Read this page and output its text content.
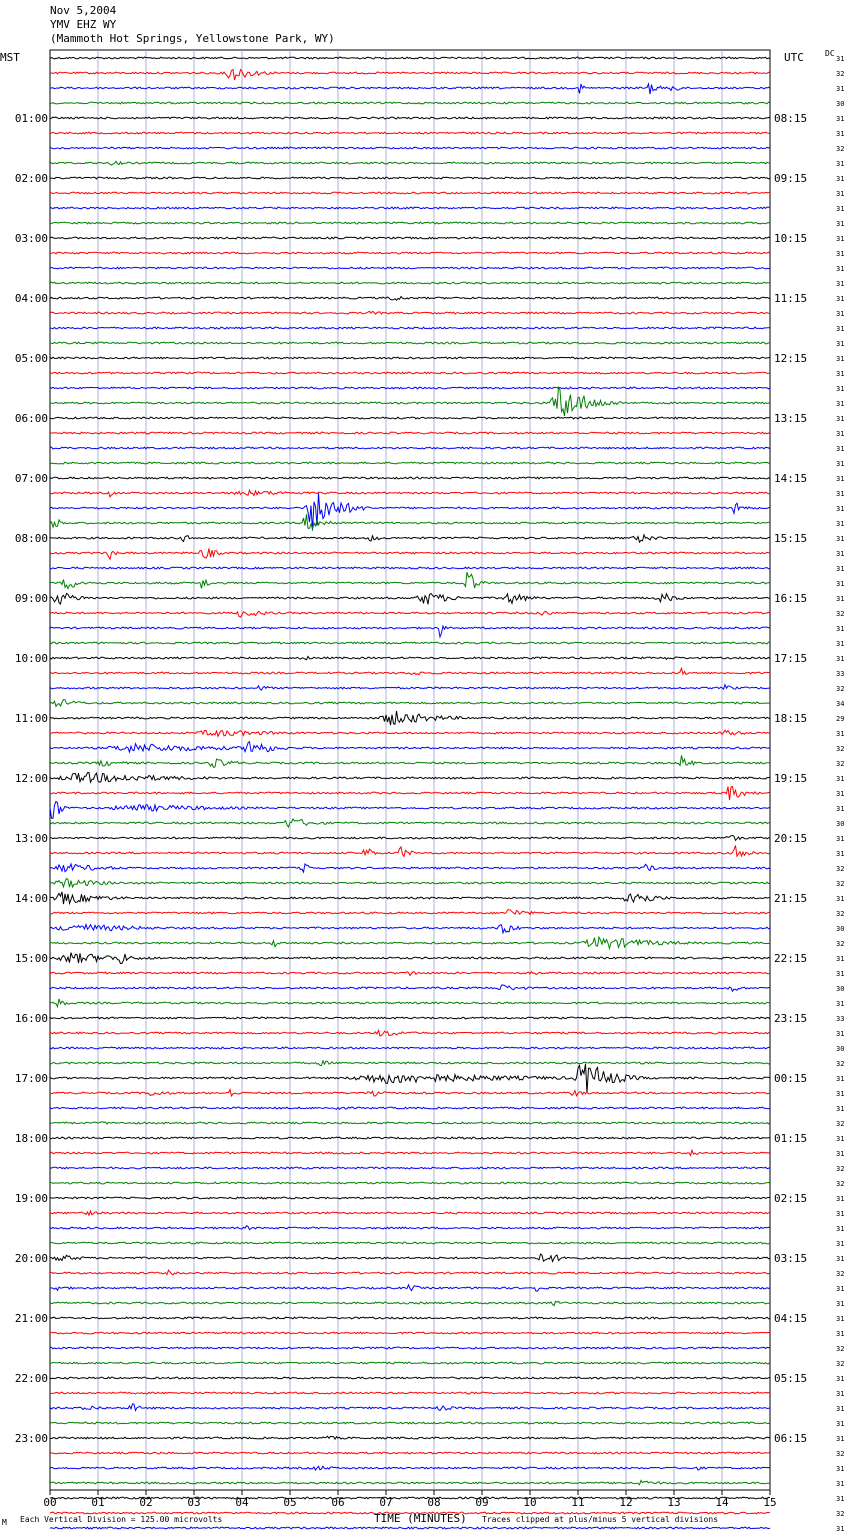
Nov 5,2004
YMV EHZ WY
(Mammoth Hot Springs, Yellowstone Park, WY)
MST	UTC	DC
00	01	02	03	04	05	06	07	08	09	10	11	12	13	14	15
01:00
02:00
03:00
04:00
05:00
06:00
07:00
08:00
09:00
10:00
11:00
12:00
13:00
14:00
15:00
16:00
17:00
18:00
19:00
20:00
21:00
22:00
23:00
08:15
09:15
10:15
11:15
12:15
13:15
14:15
15:15
16:15
17:15
18:15
19:15
20:15
21:15
22:15
23:15
00:15
01:15
02:15
03:15
04:15
05:15
06:15
31
32
31
30
31
31
32
31
31
31
31
31
31
31
31
31
31
31
31
31
31
31
31
31
31
31
31
31
31
31
31
31
31
31
31
31
31
32
31
31
31
33
32
34
29
31
32
32
31
31
31
30
31
31
32
32
31
32
30
32
31
31
30
31
33
31
30
32
31
31
31
32
31
31
32
32
31
31
31
31
31
32
31
31
31
31
32
32
31
31
31
31
31
32
31
31
31
32
31
M Each Vertical Division = 125.00 microvolts	TIME (MINUTES) Traces clipped at plus/minus 5 vertical divisions
